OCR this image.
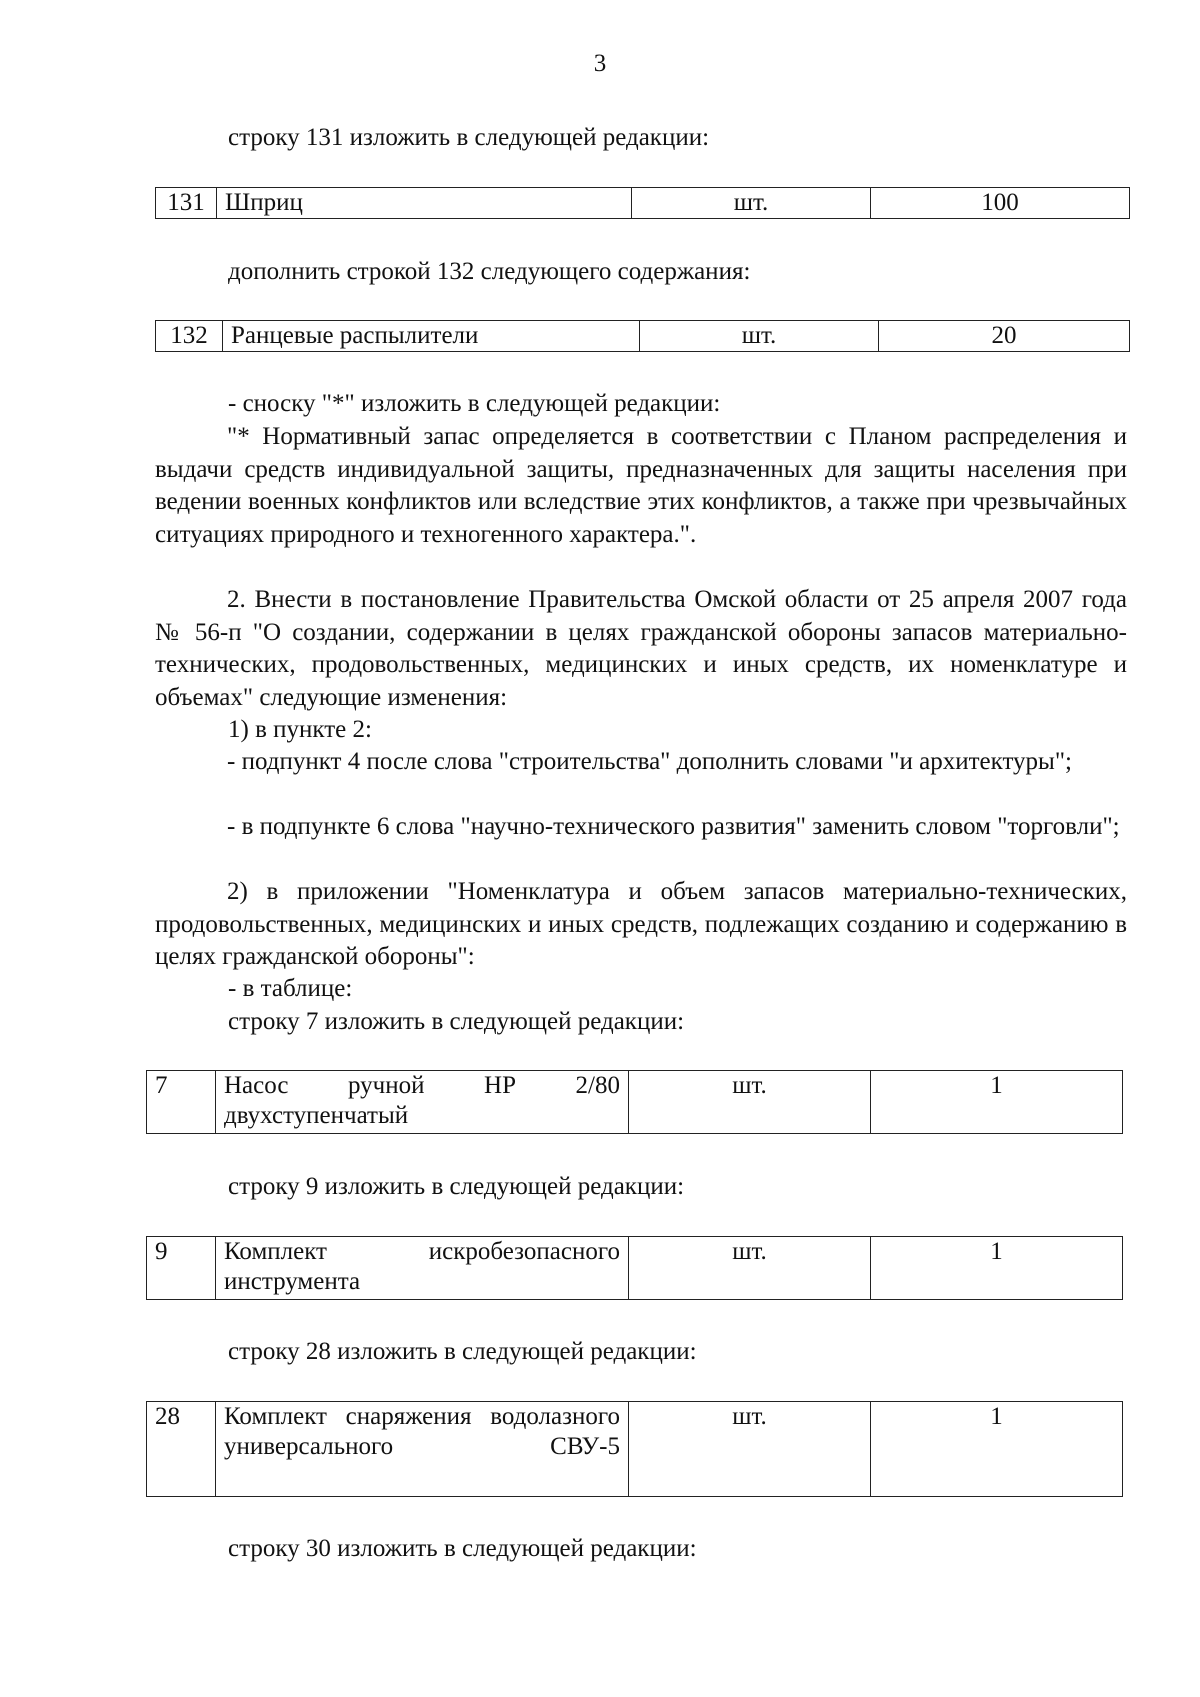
3
строку 131 изложить в следующей редакции:
131	Шприц	шт.	100
дополнить строкой 132 следующего содержания:
132	Ранцевые распылители	шт.	20
- сноску "*" изложить в следующей редакции:
"* Нормативный запас определяется в соответствии с Планом распределения и выдачи средств индивидуальной защиты, предназначенных для защиты населения при ведении военных конфликтов или вследствие этих конфликтов, а также при чрезвычайных ситуациях природного и техногенного характера.".
2. Внести в постановление Правительства Омской области от 25 апреля 2007 года № 56-п "О создании, содержании в целях гражданской обороны запасов материально-технических, продовольственных, медицинских и иных средств, их номенклатуре и объемах" следующие изменения:
1) в пункте 2:
- подпункт 4 после слова "строительства" дополнить словами "и архитектуры";
- в подпункте 6 слова "научно-технического развития" заменить словом "торговли";
2) в приложении "Номенклатура и объем запасов материально-технических, продовольственных, медицинских и иных средств, подлежащих созданию и содержанию в целях гражданской обороны":
- в таблице:
строку 7 изложить в следующей редакции:
7	Насос ручной НР 2/80 двухступенчатый	шт.	1
строку 9 изложить в следующей редакции:
9	Комплект искробезопасного инструмента	шт.	1
строку 28 изложить в следующей редакции:
28	Комплект снаряжения водолазного универсального СВУ-5	шт.	1
строку 30 изложить в следующей редакции:
